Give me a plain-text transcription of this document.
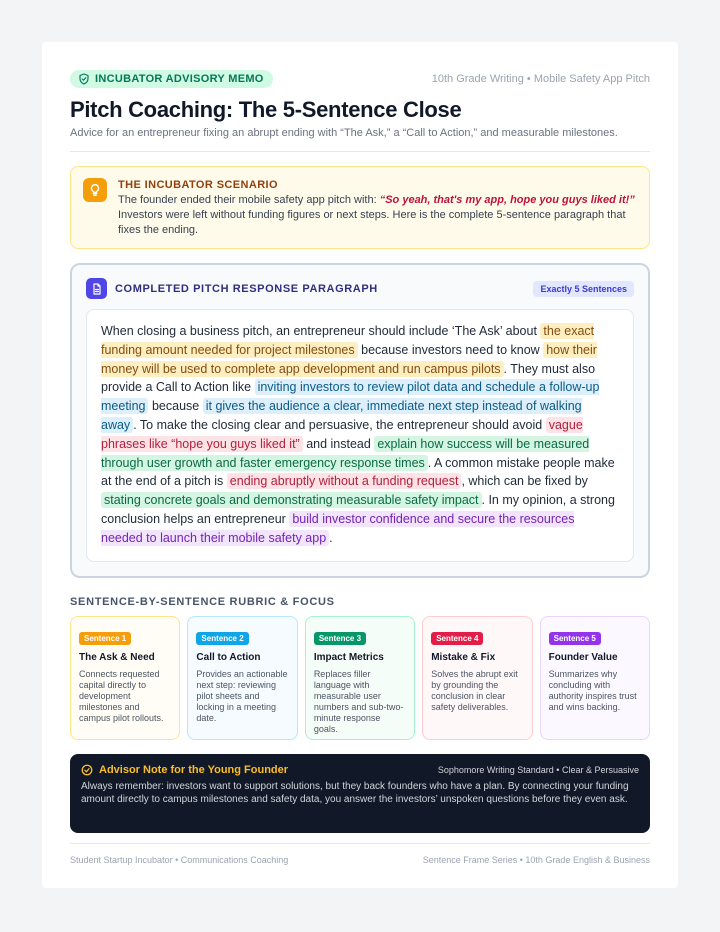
INCUBATOR ADVISORY MEMO	10th Grade Writing • Mobile Safety App Pitch
Pitch Coaching: The 5-Sentence Close

Advice for an entrepreneur fixing an abrupt ending with “The Ask,” a “Call to Action,” and measurable milestones.

THE INCUBATOR SCENARIO
The founder ended their mobile safety app pitch with: “So yeah, that's my app, hope you guys liked it!” Investors were left without funding figures or next steps. Here is the complete 5-sentence paragraph that fixes the ending.
COMPLETED PITCH RESPONSE PARAGRAPH	Exactly 5 Sentences
When closing a business pitch, an entrepreneur should include ‘The Ask’ about the exact funding amount needed for project milestones because investors need to know how their money will be used to complete app development and run campus pilots . They must also provide a Call to Action like inviting investors to review pilot data and schedule a follow-up meeting because it gives the audience a clear, immediate next step instead of walking away . To make the closing clear and persuasive, the entrepreneur should avoid vague phrases like “hope you guys liked it” and instead explain how success will be measured through user growth and faster emergency response times . A common mistake people make at the end of a pitch is ending abruptly without a funding request , which can be fixed by stating concrete goals and demonstrating measurable safety impact . In my opinion, a strong conclusion helps an entrepreneur build investor confidence and secure the resources needed to launch their mobile safety app .
SENTENCE-BY-SENTENCE RUBRIC & FOCUS
Sentence 1
The Ask & Need
Connects requested capital directly to development milestones and campus pilot rollouts.
Sentence 2
Call to Action
Provides an actionable next step: reviewing pilot sheets and locking in a meeting date.
Sentence 3
Impact Metrics
Replaces filler language with measurable user numbers and sub-two-minute response goals.
Sentence 4
Mistake & Fix
Solves the abrupt exit by grounding the conclusion in clear safety deliverables.
Sentence 5
Founder Value
Summarizes why concluding with authority inspires trust and wins backing.
Advisor Note for the Young Founder	Sophomore Writing Standard • Clear & Persuasive
Always remember: investors want to support solutions, but they back founders who have a plan. By connecting your funding amount directly to campus milestones and safety data, you answer the investors’ unspoken questions before they even ask.
Student Startup Incubator • Communications Coaching	Sentence Frame Series • 10th Grade English & Business
